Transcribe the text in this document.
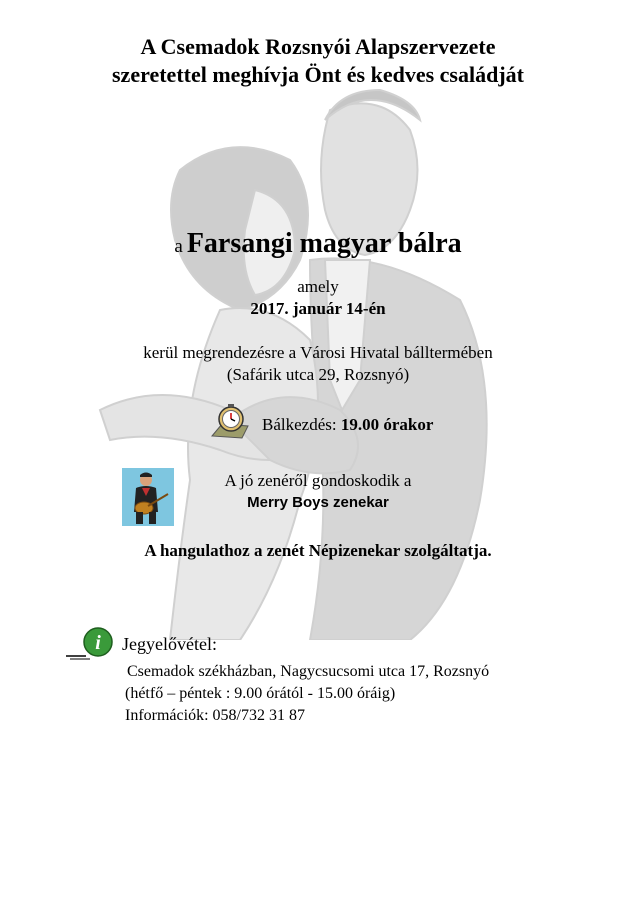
A Csemadok Rozsnyói Alapszervezete
szeretettel meghívja Önt és kedves családját
a Farsangi magyar bálra
amely
2017. január 14-én
kerül megrendezésre a Városi Hivatal bálltermében
(Safárik utca 29, Rozsnyó)
Bálkezdés: 19.00 órakor
A jó zenéről gondoskodik a
Merry Boys zenekar
A hangulathoz a zenét Népizenekar szolgáltatja.
i Jegyelővétel:
Csemadok székházban, Nagycsucsomi utca 17, Rozsnyó
(hétfő – péntek : 9.00 órától - 15.00 óráig)
Információk: 058/732 31 87
